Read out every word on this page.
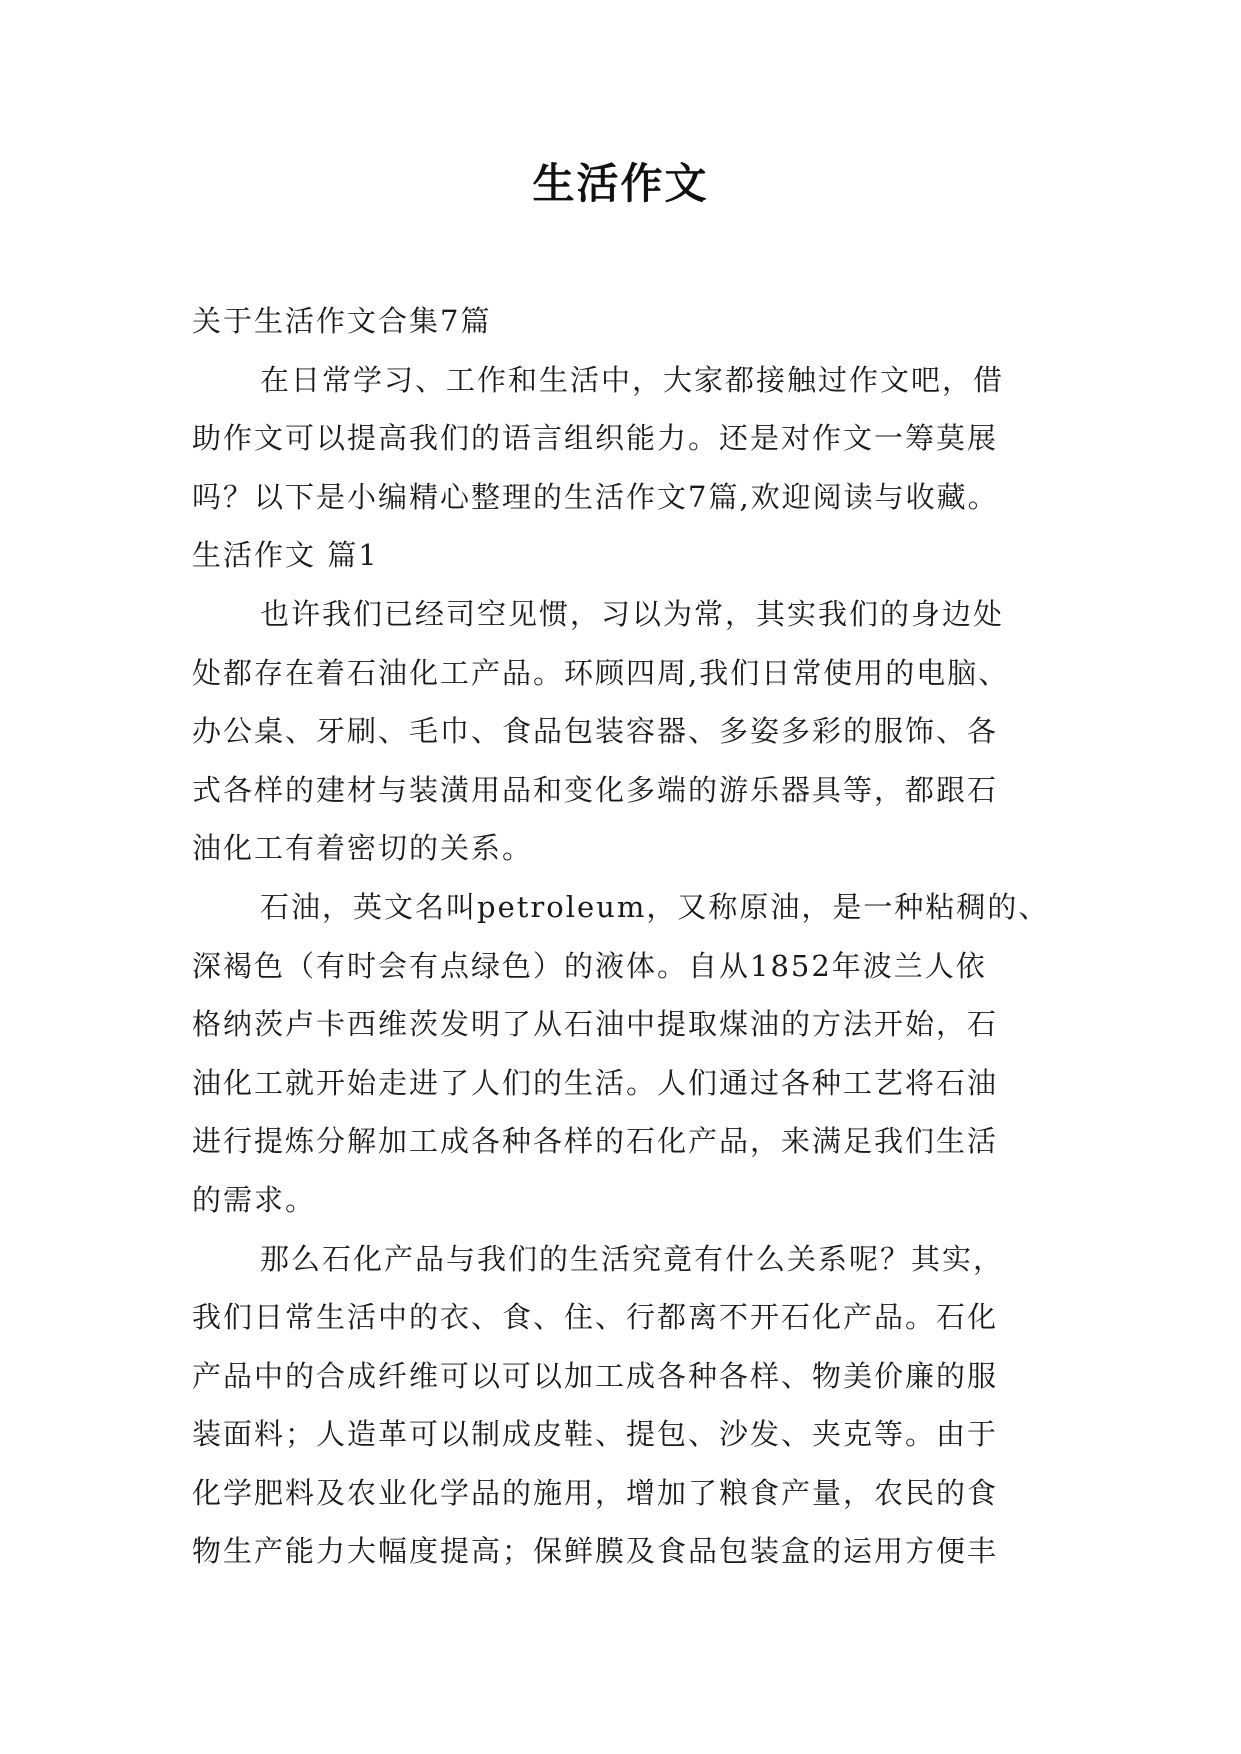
生活作文
关于生活作文合集7篇
在日常学习、工作和生活中，大家都接触过作文吧，借
助作文可以提高我们的语言组织能力。还是对作文一筹莫展
吗？以下是小编精心整理的生活作文7篇,欢迎阅读与收藏。
生活作文 篇1
也许我们已经司空见惯，习以为常，其实我们的身边处
处都存在着石油化工产品。环顾四周,我们日常使用的电脑、
办公桌、牙刷、毛巾、食品包装容器、多姿多彩的服饰、各
式各样的建材与装潢用品和变化多端的游乐器具等，都跟石
油化工有着密切的关系。
石油，英文名叫petroleum，又称原油，是一种粘稠的、
深褐色（有时会有点绿色）的液体。自从1852年波兰人依
格纳茨卢卡西维茨发明了从石油中提取煤油的方法开始，石
油化工就开始走进了人们的生活。人们通过各种工艺将石油
进行提炼分解加工成各种各样的石化产品，来满足我们生活
的需求。
那么石化产品与我们的生活究竟有什么关系呢？其实，
我们日常生活中的衣、食、住、行都离不开石化产品。石化
产品中的合成纤维可以可以加工成各种各样、物美价廉的服
装面料；人造革可以制成皮鞋、提包、沙发、夹克等。由于
化学肥料及农业化学品的施用，增加了粮食产量，农民的食
物生产能力大幅度提高；保鲜膜及食品包装盒的运用方便丰
